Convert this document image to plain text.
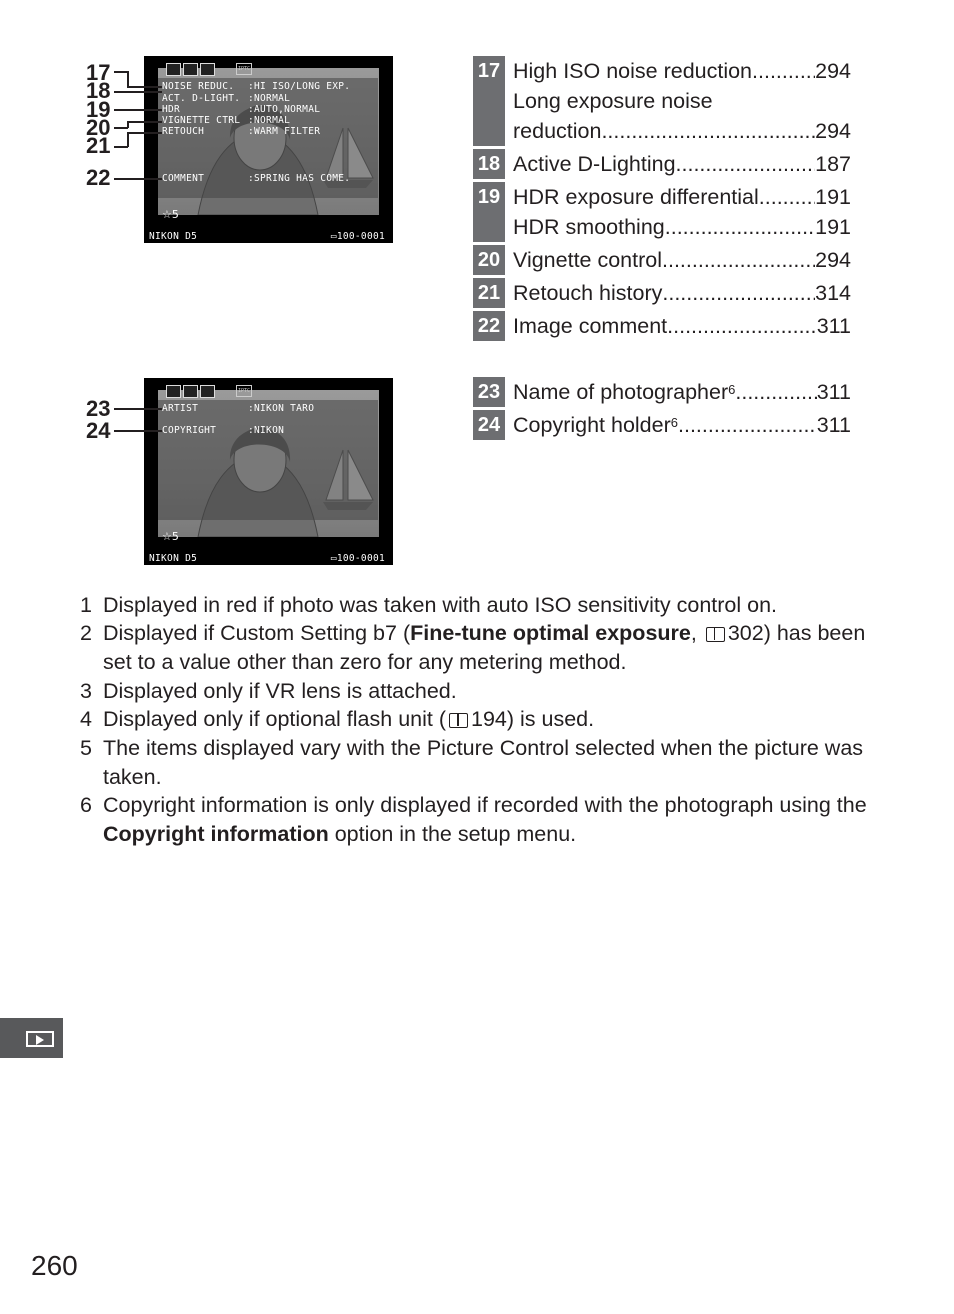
IPTC
NOISE REDUC. :HI ISO/LONG EXP.
ACT. D-LIGHT. :NORMAL
HDR	:AUTO,NORMAL
VIGNETTE CTRL :NORMAL
RETOUCH	:WARM FILTER
COMMENT	:SPRING HAS COME.
☆5
NIKON D5	▭100-0001
17
18
19
20
21
22
IPTC
ARTIST	:NIKON TARO
COPYRIGHT	:NIKON
☆5
NIKON D5	▭100-0001
23
24
17 High ISO noise reduction .....	294
Long exposure noise
reduction .....	294
18 Active D-Lighting .....	187
19 HDR exposure differential .....	191
HDR smoothing .....	191
20 Vignette control .....	294
21 Retouch history .....	314
22 Image comment .....	311
23 Name of photographer$^6$ .....	311
24 Copyright holder$^6$ .....	311
1 Displayed in red if photo was taken with auto ISO sensitivity control on.
2 Displayed if Custom Setting b7 (Fine-tune optimal exposure, 302) has been set to a value other than zero for any metering method.
3 Displayed only if VR lens is attached.
4 Displayed only if optional flash unit ( 194) is used.
5 The items displayed vary with the Picture Control selected when the picture was taken.
6 Copyright information is only displayed if recorded with the photograph using the Copyright information option in the setup menu.
260
